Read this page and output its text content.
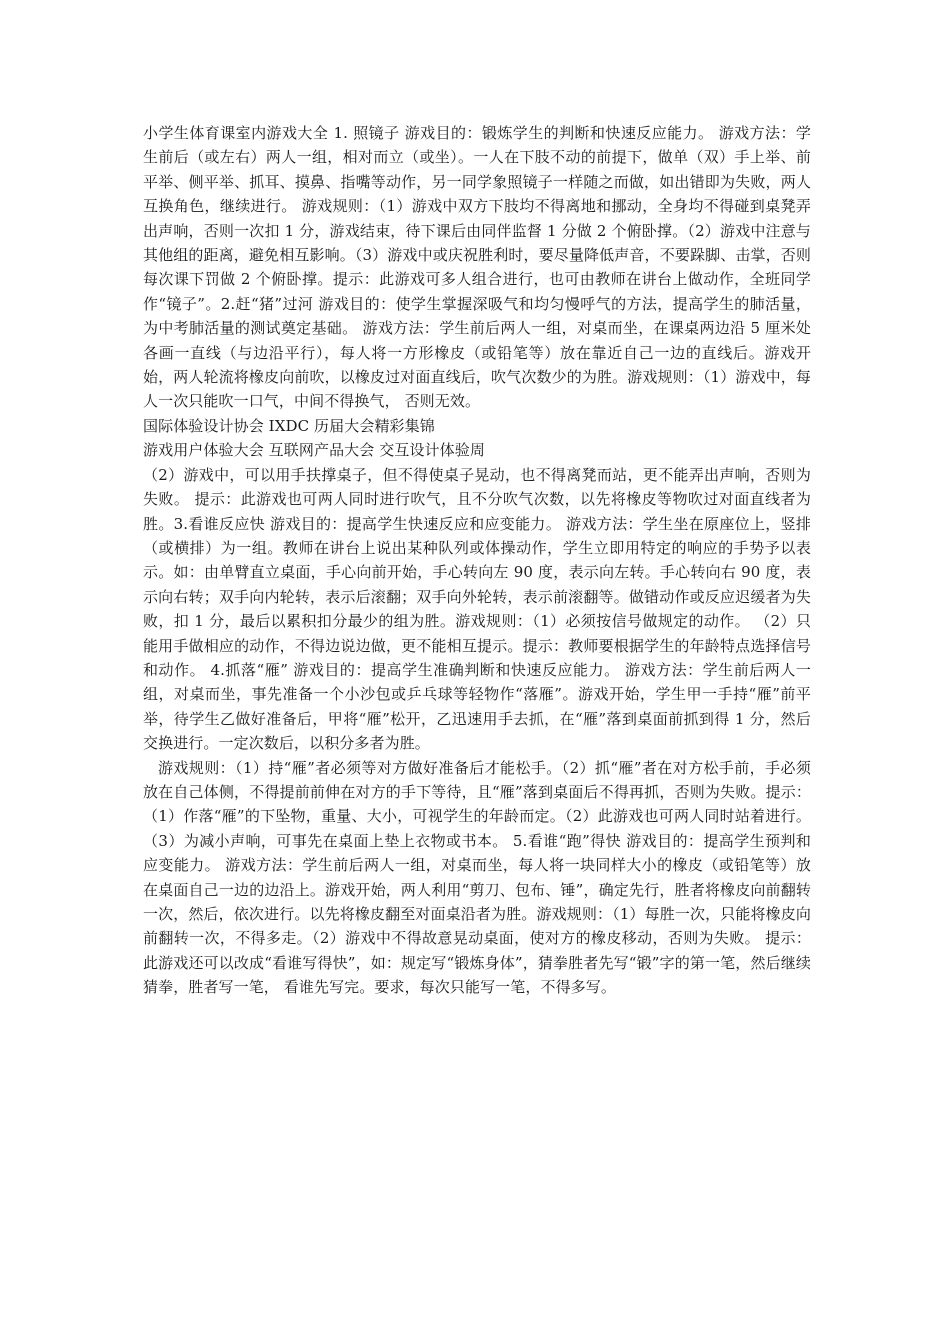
小学生体育课室内游戏大全 1. 照镜子 游戏目的：锻炼学生的判断和快速反应能力。 游戏方法：学生前后（或左右）两人一组，相对而立（或坐）。一人在下肢不动的前提下，做单（双）手上举、前平举、侧平举、抓耳、摸鼻、指嘴等动作，另一同学象照镜子一样随之而做，如出错即为失败，两人互换角色，继续进行。 游戏规则：（1）游戏中双方下肢均不得离地和挪动，全身均不得碰到桌凳弄出声响，否则一次扣 1 分，游戏结束，待下课后由同伴监督 1 分做 2 个俯卧撑。（2）游戏中注意与其他组的距离，避免相互影响。（3）游戏中或庆祝胜利时，要尽量降低声音，不要跺脚、击掌，否则每次课下罚做 2 个俯卧撑。提示：此游戏可多人组合进行，也可由教师在讲台上做动作，全班同学作“镜子”。2.赶“猪”过河 游戏目的：使学生掌握深吸气和均匀慢呼气的方法，提高学生的肺活量，为中考肺活量的测试奠定基础。 游戏方法：学生前后两人一组，对桌而坐，在课桌两边沿 5 厘米处各画一直线（与边沿平行），每人将一方形橡皮（或铅笔等）放在靠近自己一边的直线后。游戏开始，两人轮流将橡皮向前吹，以橡皮过对面直线后，吹气次数少的为胜。游戏规则：（1）游戏中，每人一次只能吹一口气，中间不得换气， 否则无效。

国际体验设计协会 IXDC 历届大会精彩集锦

游戏用户体验大会 互联网产品大会 交互设计体验周

（2）游戏中，可以用手扶撑桌子，但不得使桌子晃动，也不得离凳而站，更不能弄出声响，否则为失败。 提示：此游戏也可两人同时进行吹气，且不分吹气次数，以先将橡皮等物吹过对面直线者为胜。3.看谁反应快 游戏目的：提高学生快速反应和应变能力。 游戏方法：学生坐在原座位上，竖排（或横排）为一组。教师在讲台上说出某种队列或体操动作，学生立即用特定的响应的手势予以表示。如：由单臂直立桌面，手心向前开始，手心转向左 90 度，表示向左转。手心转向右 90 度，表示向右转；双手向内轮转，表示后滚翻；双手向外轮转，表示前滚翻等。做错动作或反应迟缓者为失败，扣 1 分，最后以累积扣分最少的组为胜。游戏规则：（1）必须按信号做规定的动作。 （2）只能用手做相应的动作，不得边说边做，更不能相互提示。提示：教师要根据学生的年龄特点选择信号和动作。 4.抓落“雁” 游戏目的：提高学生准确判断和快速反应能力。 游戏方法：学生前后两人一组，对桌而坐，事先准备一个小沙包或乒乓球等轻物作“落雁”。游戏开始，学生甲一手持“雁”前平举，待学生乙做好准备后，甲将“雁”松开，乙迅速用手去抓，在“雁”落到桌面前抓到得 1 分，然后交换进行。一定次数后，以积分多者为胜。

游戏规则：（1）持“雁”者必须等对方做好准备后才能松手。（2）抓“雁”者在对方松手前，手必须放在自己体侧，不得提前前伸在对方的手下等待，且“雁”落到桌面后不得再抓，否则为失败。提示：（1）作落“雁”的下坠物，重量、大小，可视学生的年龄而定。（2）此游戏也可两人同时站着进行。 （3）为减小声响，可事先在桌面上垫上衣物或书本。 5.看谁“跑”得快 游戏目的：提高学生预判和应变能力。 游戏方法：学生前后两人一组，对桌而坐，每人将一块同样大小的橡皮（或铅笔等）放在桌面自己一边的边沿上。游戏开始，两人利用“剪刀、包布、锤”，确定先行，胜者将橡皮向前翻转一次，然后，依次进行。以先将橡皮翻至对面桌沿者为胜。游戏规则：（1）每胜一次，只能将橡皮向前翻转一次，不得多走。（2）游戏中不得故意晃动桌面，使对方的橡皮移动，否则为失败。 提示：此游戏还可以改成“看谁写得快”，如：规定写“锻炼身体”，猜拳胜者先写“锻”字的第一笔，然后继续猜拳，胜者写一笔， 看谁先写完。要求，每次只能写一笔，不得多写。
